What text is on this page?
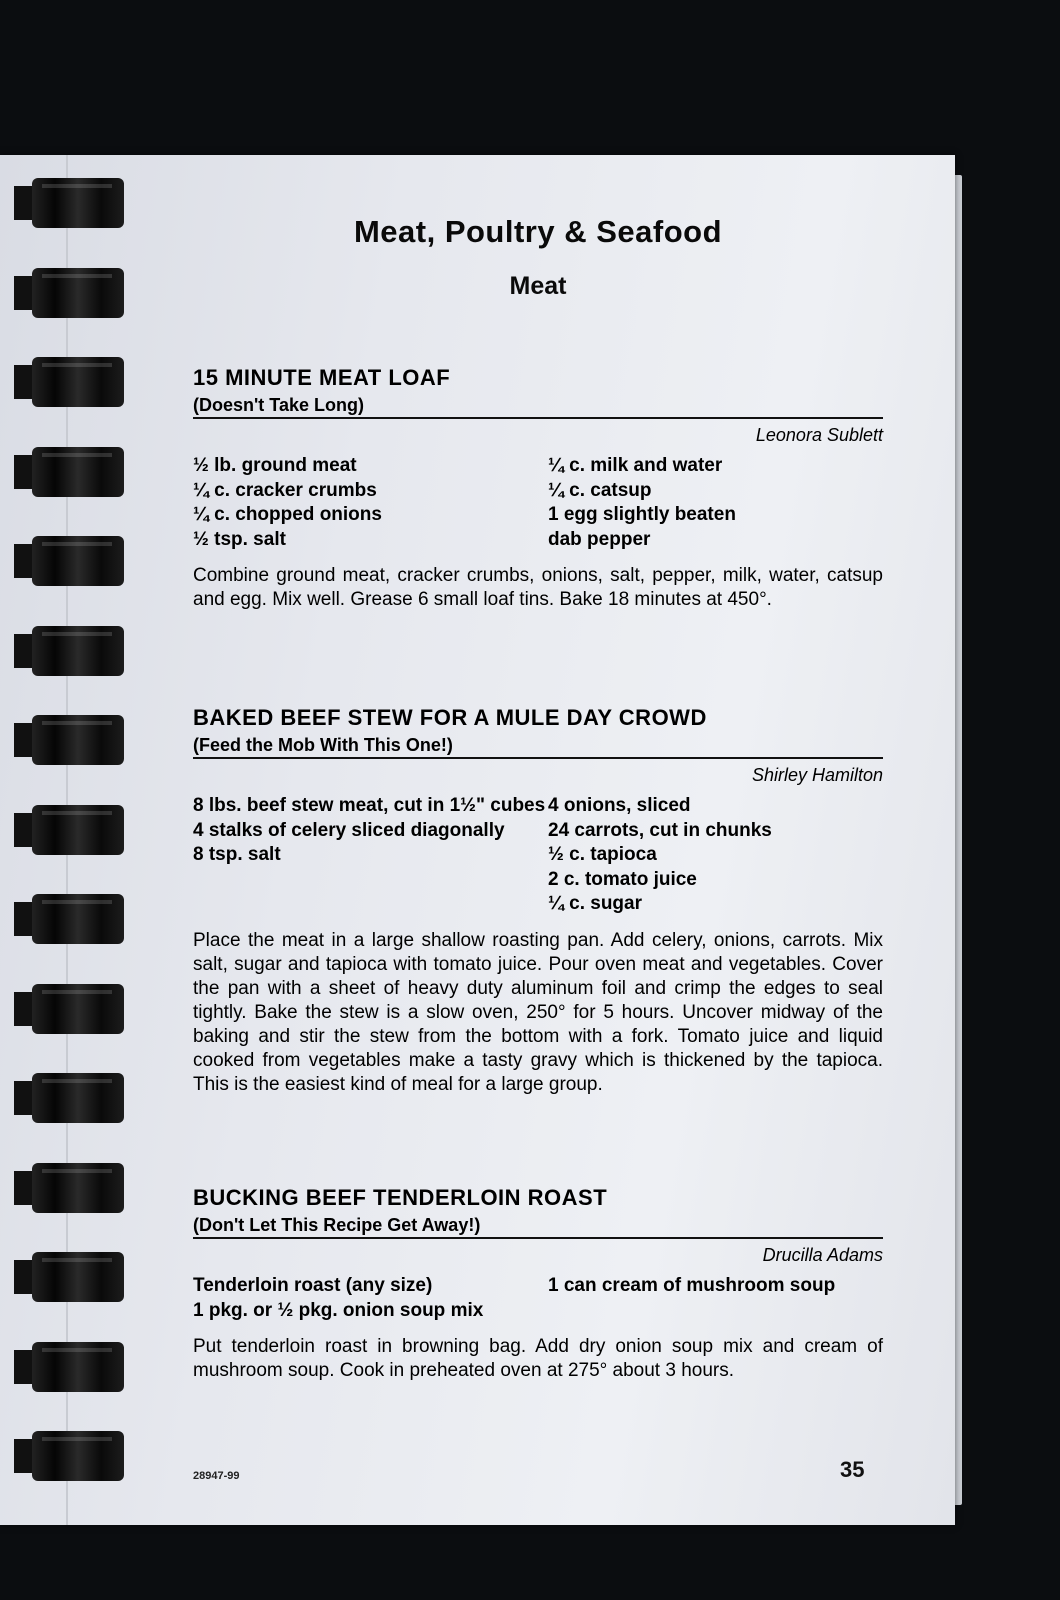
Meat, Poultry & Seafood
Meat
15 MINUTE MEAT LOAF
(Doesn't Take Long)
Leonora Sublett
½ lb. ground meat
¼ c. cracker crumbs
¼ c. chopped onions
½ tsp. salt
¼ c. milk and water
¼ c. catsup
1 egg slightly beaten
dab pepper
Combine ground meat, cracker crumbs, onions, salt, pepper, milk, water, catsup and egg. Mix well. Grease 6 small loaf tins. Bake 18 minutes at 450°.
BAKED BEEF STEW FOR A MULE DAY CROWD
(Feed the Mob With This One!)
Shirley Hamilton
8 lbs. beef stew meat, cut in 1½" cubes
4 stalks of celery sliced diagonally
8 tsp. salt
4 onions, sliced
24 carrots, cut in chunks
½ c. tapioca
2 c. tomato juice
¼ c. sugar
Place the meat in a large shallow roasting pan. Add celery, onions, carrots. Mix salt, sugar and tapioca with tomato juice. Pour oven meat and vegetables. Cover the pan with a sheet of heavy duty aluminum foil and crimp the edges to seal tightly. Bake the stew is a slow oven, 250° for 5 hours. Uncover midway of the baking and stir the stew from the bottom with a fork. Tomato juice and liquid cooked from vegetables make a tasty gravy which is thickened by the tapioca. This is the easiest kind of meal for a large group.
BUCKING BEEF TENDERLOIN ROAST
(Don't Let This Recipe Get Away!)
Drucilla Adams
Tenderloin roast (any size)
1 pkg. or ½ pkg. onion soup mix
1 can cream of mushroom soup
Put tenderloin roast in browning bag. Add dry onion soup mix and cream of mushroom soup. Cook in preheated oven at 275° about 3 hours.
28947-99	35
